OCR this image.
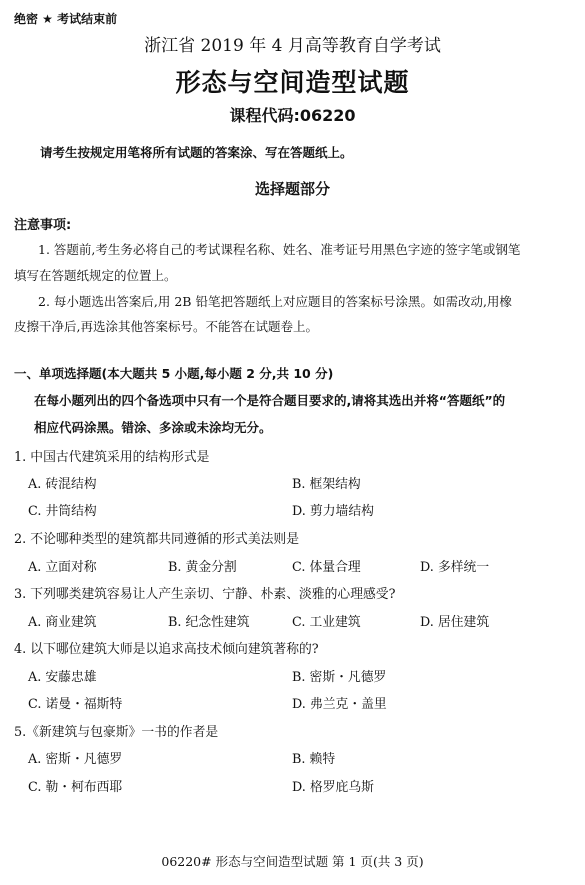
绝密 ★ 考试结束前
浙江省 2019 年 4 月高等教育自学考试
形态与空间造型试题
课程代码:06220
请考生按规定用笔将所有试题的答案涂、写在答题纸上。
选择题部分
注意事项:
1. 答题前,考生务必将自己的考试课程名称、姓名、准考证号用黑色字迹的签字笔或钢笔
填写在答题纸规定的位置上。
2. 每小题选出答案后,用 2B 铅笔把答题纸上对应题目的答案标号涂黑。如需改动,用橡
皮擦干净后,再选涂其他答案标号。不能答在试题卷上。
一、单项选择题(本大题共 5 小题,每小题 2 分,共 10 分)
在每小题列出的四个备选项中只有一个是符合题目要求的,请将其选出并将“答题纸”的
相应代码涂黑。错涂、多涂或未涂均无分。
1. 中国古代建筑采用的结构形式是
A. 砖混结构	B. 框架结构
C. 井筒结构	D. 剪力墙结构
2. 不论哪种类型的建筑都共同遵循的形式美法则是
A. 立面对称	B. 黄金分割	C. 体量合理	D. 多样统一
3. 下列哪类建筑容易让人产生亲切、宁静、朴素、淡雅的心理感受?
A. 商业建筑	B. 纪念性建筑	C. 工业建筑	D. 居住建筑
4. 以下哪位建筑大师是以追求高技术倾向建筑著称的?
A. 安藤忠雄	B. 密斯・凡德罗
C. 诺曼・福斯特	D. 弗兰克・盖里
5.《新建筑与包豪斯》一书的作者是
A. 密斯・凡德罗	B. 赖特
C. 勒・柯布西耶	D. 格罗庇乌斯
06220# 形态与空间造型试题 第 1 页(共 3 页)
